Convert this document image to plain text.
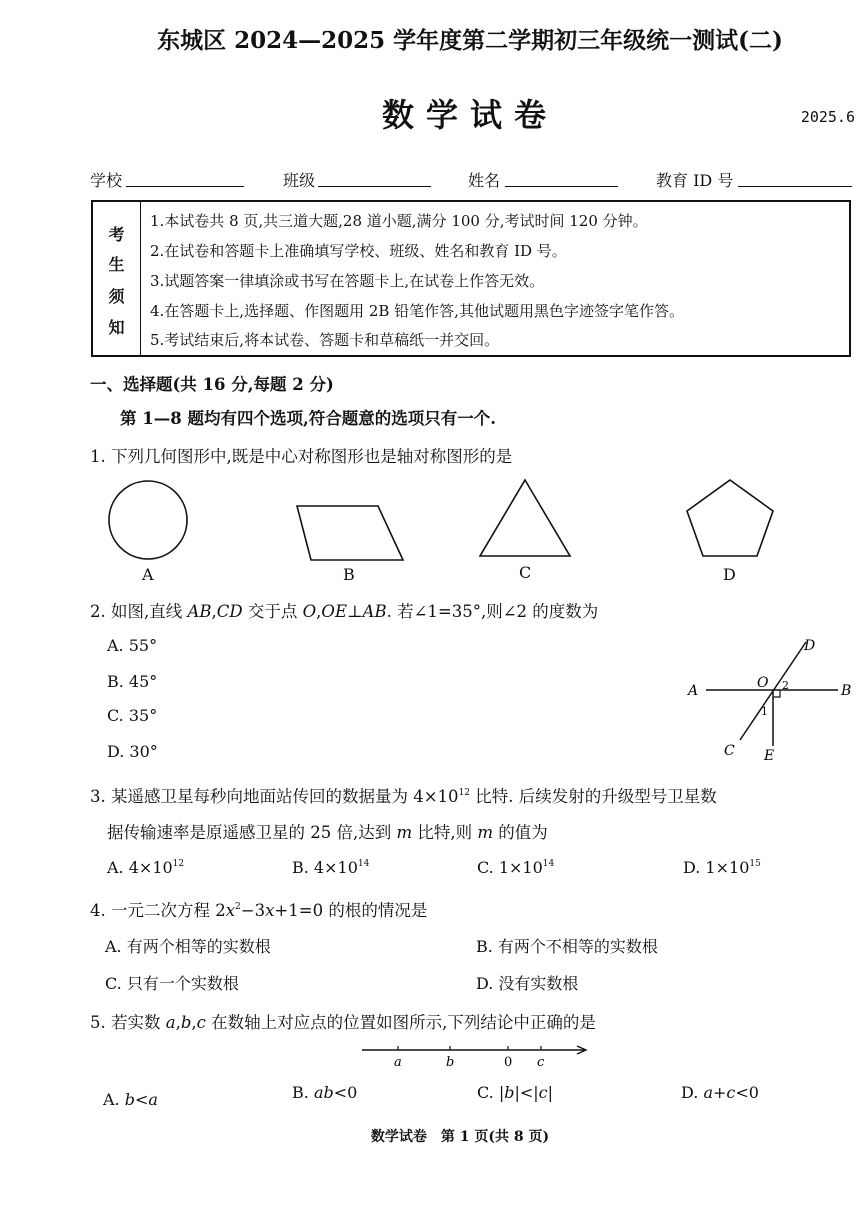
东城区 2024—2025 学年度第二学期初三年级统一测试(二)
数学试卷	2025.6
学校	班级	姓名	教育 ID 号
考
生
须
知
1.本试卷共 8 页,共三道大题,28 道小题,满分 100 分,考试时间 120 分钟。
2.在试卷和答题卡上准确填写学校、班级、姓名和教育 ID 号。
3.试题答案一律填涂或书写在答题卡上,在试卷上作答无效。
4.在答题卡上,选择题、作图题用 2B 铅笔作答,其他试题用黑色字迹签字笔作答。
5.考试结束后,将本试卷、答题卡和草稿纸一并交回。
一、选择题(共 16 分,每题 2 分)
第 1—8 题均有四个选项,符合题意的选项只有一个.
1. 下列几何图形中,既是中心对称图形也是轴对称图形的是
A	B	C	D
2. 如图,直线 AB,CD 交于点 O,OE⊥AB. 若∠1=35°,则∠2 的度数为
A. 55°
B. 45°
C. 35°
D. 30°
A	B
C
D
E
O
1
2
3. 某遥感卫星每秒向地面站传回的数据量为 $4\times 10^{12}$ 比特. 后续发射的升级型号卫星数
据传输速率是原遥感卫星的 25 倍,达到 m 比特,则 m 的值为
A. $4\times 10^{12}$	B. $4\times 10^{14}$	C. $1\times 10^{14}$	D. $1\times 10^{15}$
4. 一元二次方程 $2x^2-3x+1=0$ 的根的情况是
A. 有两个相等的实数根	B. 有两个不相等的实数根
C. 只有一个实数根	D. 没有实数根
5. 若实数 a,b,c 在数轴上对应点的位置如图所示,下列结论中正确的是
a	b	0 c
A. b<a	B. ab<0	C. |b|<|c|	D. a+c<0
数学试卷　第 1 页(共 8 页)
